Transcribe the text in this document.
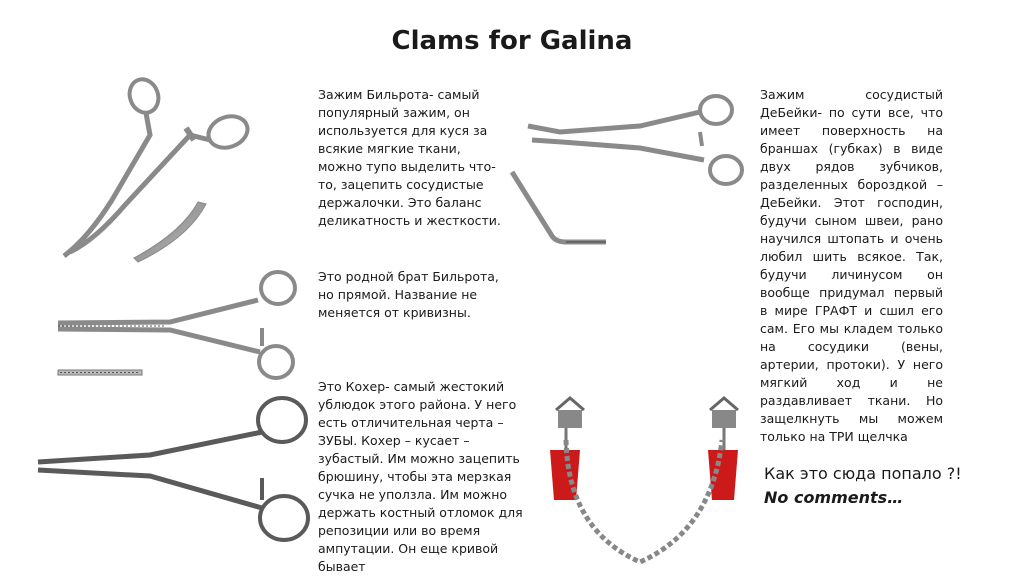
Clams for Galina
Зажим Бильрота- самый популярный зажим, он используется для куся за всякие мягкие ткани, можно тупо выделить что-то, зацепить сосудистые держалочки. Это баланс деликатность и жесткости.
Это родной брат Бильрота, но прямой. Название не меняется от кривизны.
Это Кохер- самый жестокий ублюдок этого района. У него есть отличительная черта – ЗУБЫ. Кохер – кусает – зубастый. Им можно зацепить брюшину, чтобы эта мерзкая сучка не уползла. Им можно держать костный отломок для репозиции или во время ампутации. Он еще кривой бывает
Зажим сосудистый ДеБейки- по сути все, что имеет поверхность на браншах (губках) в виде двух рядов зубчиков, разделенных бороздкой – ДеБейки. Этот господин, будучи сыном швеи, рано научился штопать и очень любил шить всякое. Так, будучи личинусом он вообще придумал первый в мире ГРАФТ и сшил его сам. Его мы кладем только на сосудики (вены, артерии, протоки). У него мягкий ход и не раздавливает ткани. Но защелкнуть мы можем только на ТРИ щелчка
Как это сюда попало ?!
No comments…
